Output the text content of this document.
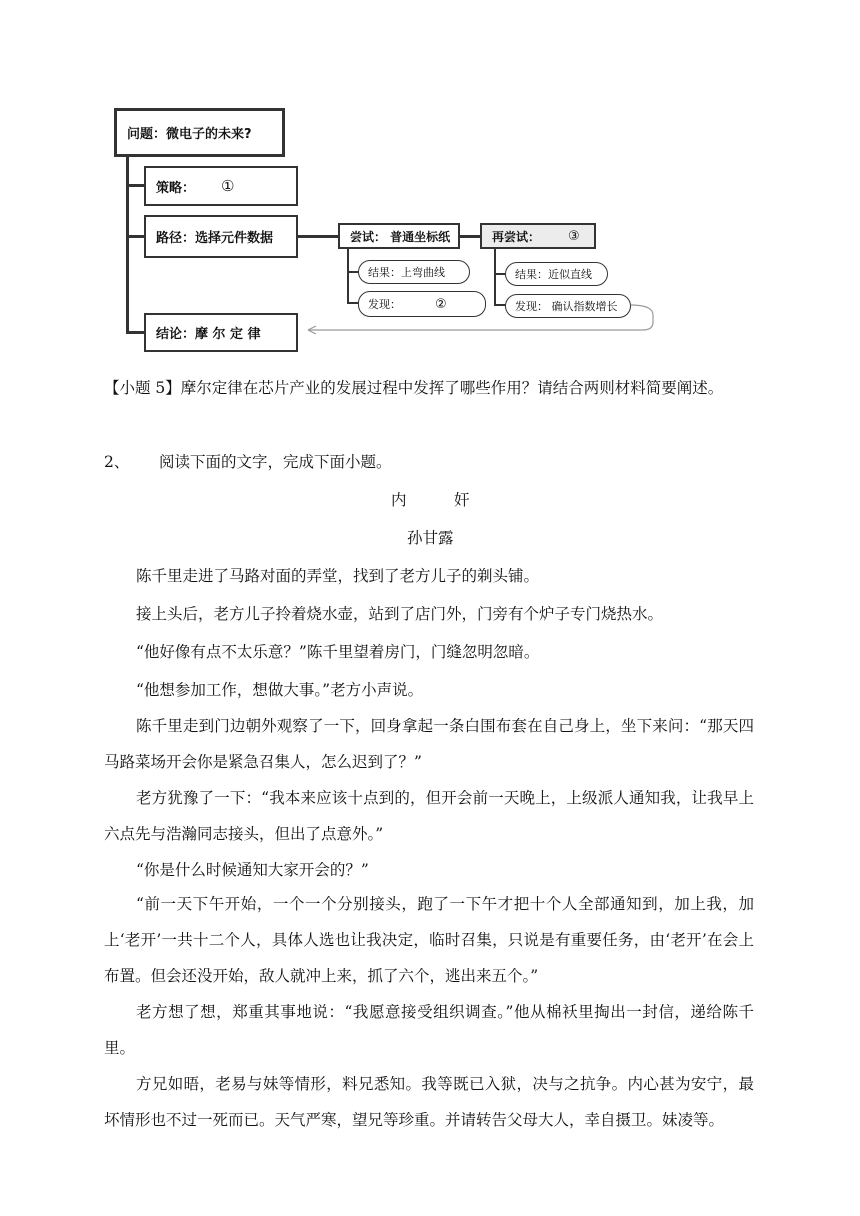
问题：微电子的未来?
策略： ①
路径：选择元件数据	尝试： 普通坐标纸	再尝试： ③
结果：上弯曲线
发现：	②
结果：近似直线
发现： 确认指数增长
结论：摩 尔 定 律
【小题 5】摩尔定律在芯片产业的发展过程中发挥了哪些作用？请结合两则材料简要阐述。
2、 阅读下面的文字，完成下面小题。
内	奸
孙甘露
陈千里走进了马路对面的弄堂，找到了老方儿子的剃头铺。
接上头后，老方儿子拎着烧水壶，站到了店门外，门旁有个炉子专门烧热水。
“他好像有点不太乐意？”陈千里望着房门，门缝忽明忽暗。
“他想参加工作，想做大事。”老方小声说。
陈千里走到门边朝外观察了一下，回身拿起一条白围布套在自己身上，坐下来问：“那天四马路菜场开会你是紧急召集人，怎么迟到了？”
老方犹豫了一下：“我本来应该十点到的，但开会前一天晚上，上级派人通知我，让我早上六点先与浩瀚同志接头，但出了点意外。”
“你是什么时候通知大家开会的？”
“前一天下午开始，一个一个分别接头，跑了一下午才把十个人全部通知到，加上我，加上‘老开’一共十二个人，具体人选也让我决定，临时召集，只说是有重要任务，由‘老开’在会上布置。但会还没开始，敌人就冲上来，抓了六个，逃出来五个。”
老方想了想，郑重其事地说：“我愿意接受组织调查。”他从棉袄里掏出一封信，递给陈千里。
方兄如晤，老易与妹等情形，料兄悉知。我等既已入狱，决与之抗争。内心甚为安宁，最坏情形也不过一死而已。天气严寒，望兄等珍重。并请转告父母大人，幸自摄卫。妹凌等。
